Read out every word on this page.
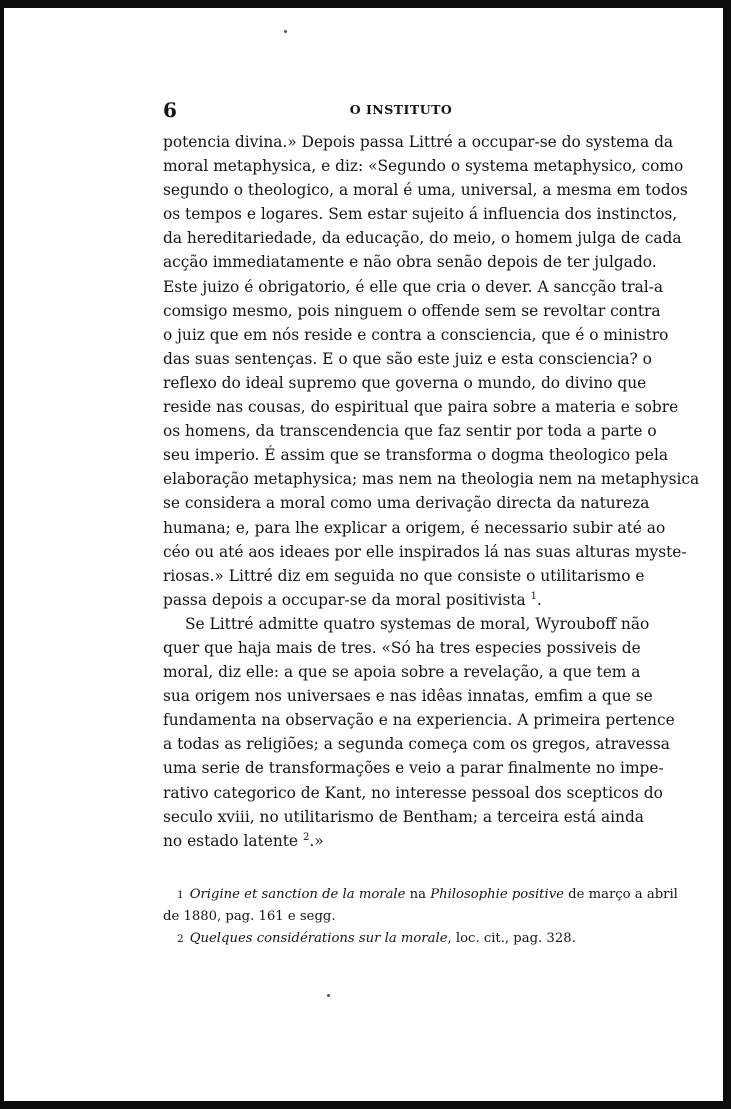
6	O INSTITUTO
potencia divina.» Depois passa Littré a occupar-se do systema da
moral metaphysica, e diz: «Segundo o systema metaphysico, como
segundo o theologico, a moral é uma, universal, a mesma em todos
os tempos e logares. Sem estar sujeito á influencia dos instinctos,
da hereditariedade, da educação, do meio, o homem julga de cada
acção immediatamente e não obra senão depois de ter julgado.
Este juizo é obrigatorio, é elle que cria o dever. A sancção tral-a
comsigo mesmo, pois ninguem o offende sem se revoltar contra
o juiz que em nós reside e contra a consciencia, que é o ministro
das suas sentenças. E o que são este juiz e esta consciencia? o
reflexo do ideal supremo que governa o mundo, do divino que
reside nas cousas, do espiritual que paira sobre a materia e sobre
os homens, da transcendencia que faz sentir por toda a parte o
seu imperio. É assim que se transforma o dogma theologico pela
elaboração metaphysica; mas nem na theologia nem na metaphysica
se considera a moral como uma derivação directa da natureza
humana; e, para lhe explicar a origem, é necessario subir até ao
céo ou até aos ideaes por elle inspirados lá nas suas alturas myste-
riosas.» Littré diz em seguida no que consiste o utilitarismo e
passa depois a occupar-se da moral positivista $^1$.
Se Littré admitte quatro systemas de moral, Wyrouboff não
quer que haja mais de tres. «Só ha tres especies possiveis de
moral, diz elle: a que se apoia sobre a revelação, a que tem a
sua origem nos universaes e nas idêas innatas, emfim a que se
fundamenta na observação e na experiencia. A primeira pertence
a todas as religiões; a segunda começa com os gregos, atravessa
uma serie de transformações e veio a parar finalmente no impe-
rativo categorico de Kant, no interesse pessoal dos scepticos do
seculo xviii, no utilitarismo de Bentham; a terceira está ainda
no estado latente $^2$.»
1 Origine et sanction de la morale na Philosophie positive de março a abril
de 1880, pag. 161 e segg.
2 Quelques considérations sur la morale, loc. cit., pag. 328.
